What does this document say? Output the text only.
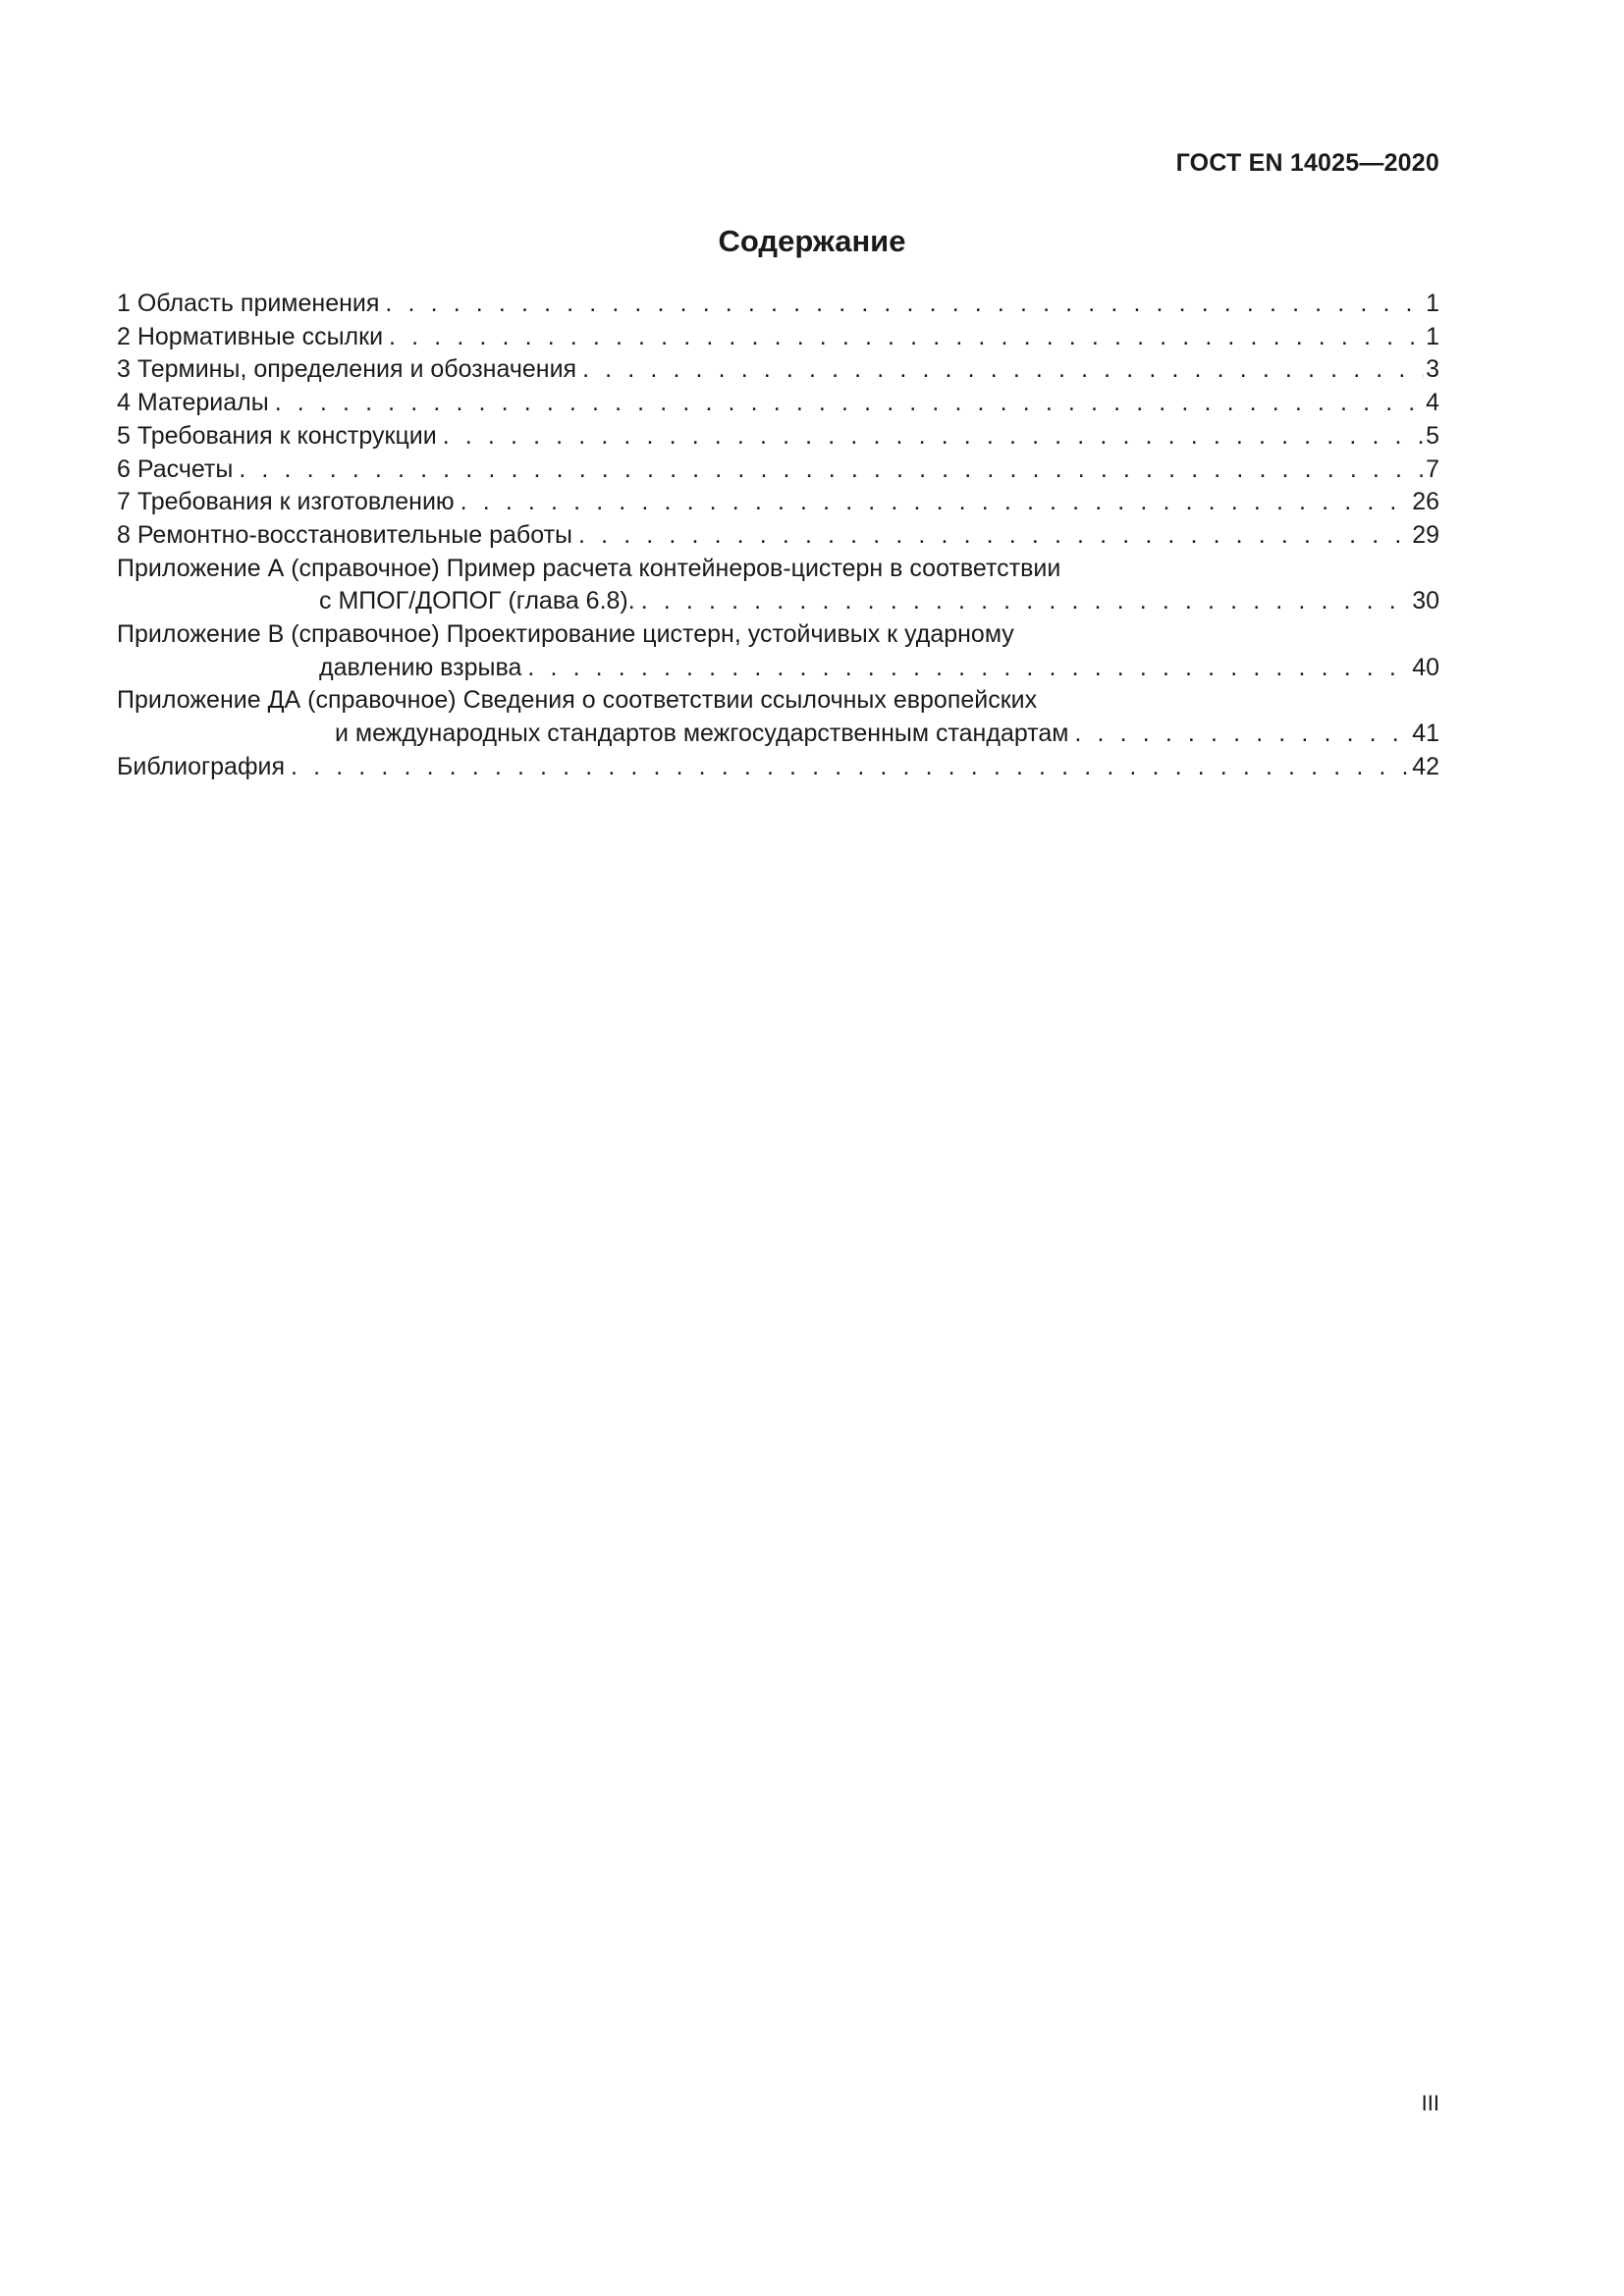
ГОСТ EN 14025—2020
Содержание
1 Область применения . . .	1
2 Нормативные ссылки . . .	1
3 Термины, определения и обозначения . . .	3
4 Материалы . . .	4
5 Требования к конструкции . . .	5
6 Расчеты . . .	7
7 Требования к изготовлению . . .	26
8 Ремонтно-восстановительные работы . . .	29
Приложение А (справочное) Пример расчета контейнеров-цистерн в соответствии
с МПОГ/ДОПОГ (глава 6.8). . . .	30
Приложение В (справочное) Проектирование цистерн, устойчивых к ударному
давлению взрыва . . .	40
Приложение ДА (справочное) Сведения о соответствии ссылочных европейских
и международных стандартов межгосударственным стандартам . . .	41
Библиография . . .	42
III
